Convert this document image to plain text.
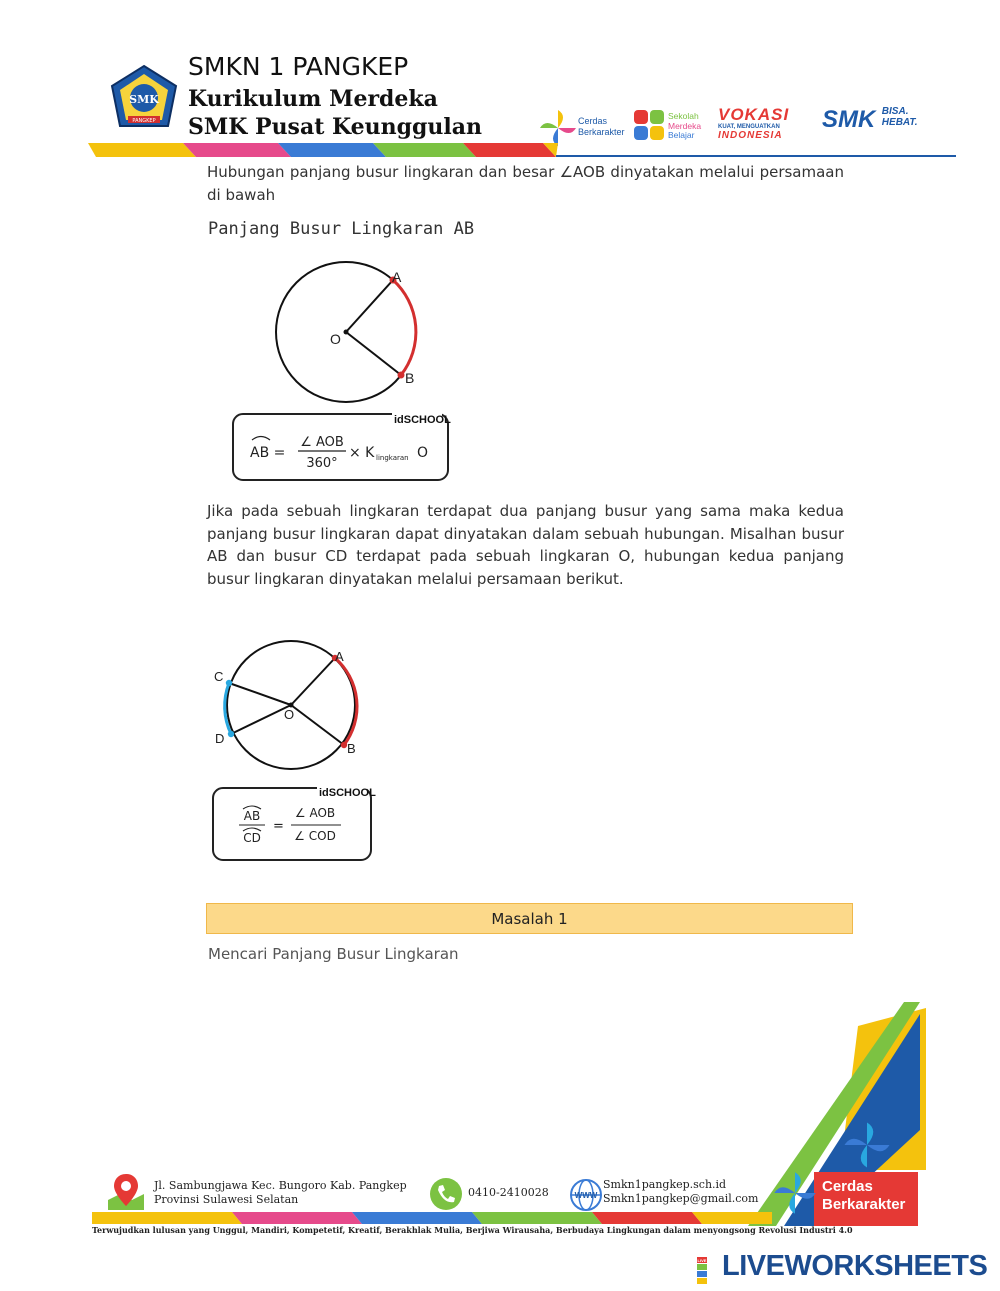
SMK
PANGKEP
SMKN 1 PANGKEP
Kurikulum Merdeka
SMK Pusat Keunggulan	Cerdas
Berkarakter
Sekolah
Merdeka
Belajar
VOKASI
KUAT, MENGUATKAN
INDONESIA
SMK BISA.
HEBAT.
Hubungan panjang busur lingkaran dan besar ∠AOB dinyatakan melalui persamaan di bawah
Panjang Busur Lingkaran AB
A
B
O
idSCHOOL
AB =
∠ AOB
360°
× K lingkaran O
Jika pada sebuah lingkaran terdapat dua panjang busur yang sama maka kedua panjang busur lingkaran dapat dinyatakan dalam sebuah hubungan. Misalhan busur AB dan busur CD terdapat pada sebuah lingkaran O, hubungan kedua panjang busur lingkaran dinyatakan melalui persamaan berikut.
A
B
C
D
O
idSCHOOL
AB
CD
=
∠ AOB
∠ COD
Masalah 1
Mencari Panjang Busur Lingkaran
Cerdas
Berkarakter
Jl. Sambungjawa Kec. Bungoro Kab. Pangkep
Provinsi Sulawesi Selatan
0410-2410028	WWW
Smkn1pangkep.sch.id
Smkn1pangkep@gmail.com
Terwujudkan lulusan yang Unggul, Mandiri, Kompetetif, Kreatif, Berakhlak Mulia, Berjiwa Wirausaha, Berbudaya Lingkungan dalam menyongsong Revolusi Industri 4.0
LIVE LIVEWORKSHEETS
